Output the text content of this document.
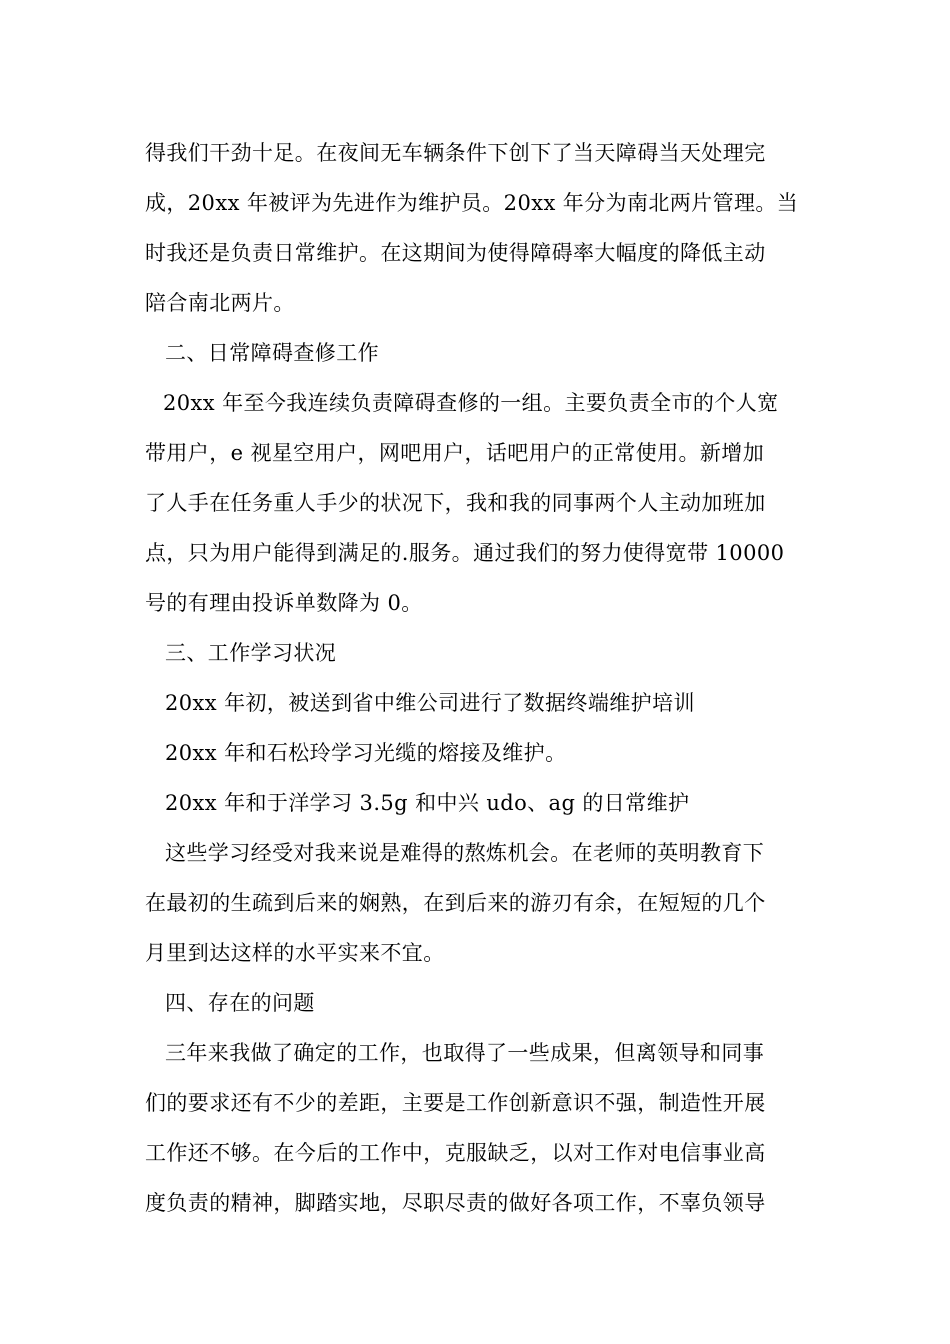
得我们干劲十足。在夜间无车辆条件下创下了当天障碍当天处理完
成，20xx 年被评为先进作为维护员。20xx 年分为南北两片管理。当
时我还是负责日常维护。在这期间为使得障碍率大幅度的降低主动
陪合南北两片。
二、日常障碍查修工作
20xx 年至今我连续负责障碍查修的一组。主要负责全市的个人宽
带用户，e 视星空用户，网吧用户，话吧用户的正常使用。新增加
了人手在任务重人手少的状况下，我和我的同事两个人主动加班加
点，只为用户能得到满足的.服务。通过我们的努力使得宽带 10000
号的有理由投诉单数降为 0。
三、工作学习状况
20xx 年初，被送到省中维公司进行了数据终端维护培训
20xx 年和石松玲学习光缆的熔接及维护。
20xx 年和于洋学习 3.5g 和中兴 udo、ag 的日常维护
这些学习经受对我来说是难得的熬炼机会。在老师的英明教育下
在最初的生疏到后来的娴熟，在到后来的游刃有余，在短短的几个
月里到达这样的水平实来不宜。
四、存在的问题
三年来我做了确定的工作，也取得了一些成果，但离领导和同事
们的要求还有不少的差距，主要是工作创新意识不强，制造性开展
工作还不够。在今后的工作中，克服缺乏，以对工作对电信事业高
度负责的精神，脚踏实地，尽职尽责的做好各项工作，不辜负领导
